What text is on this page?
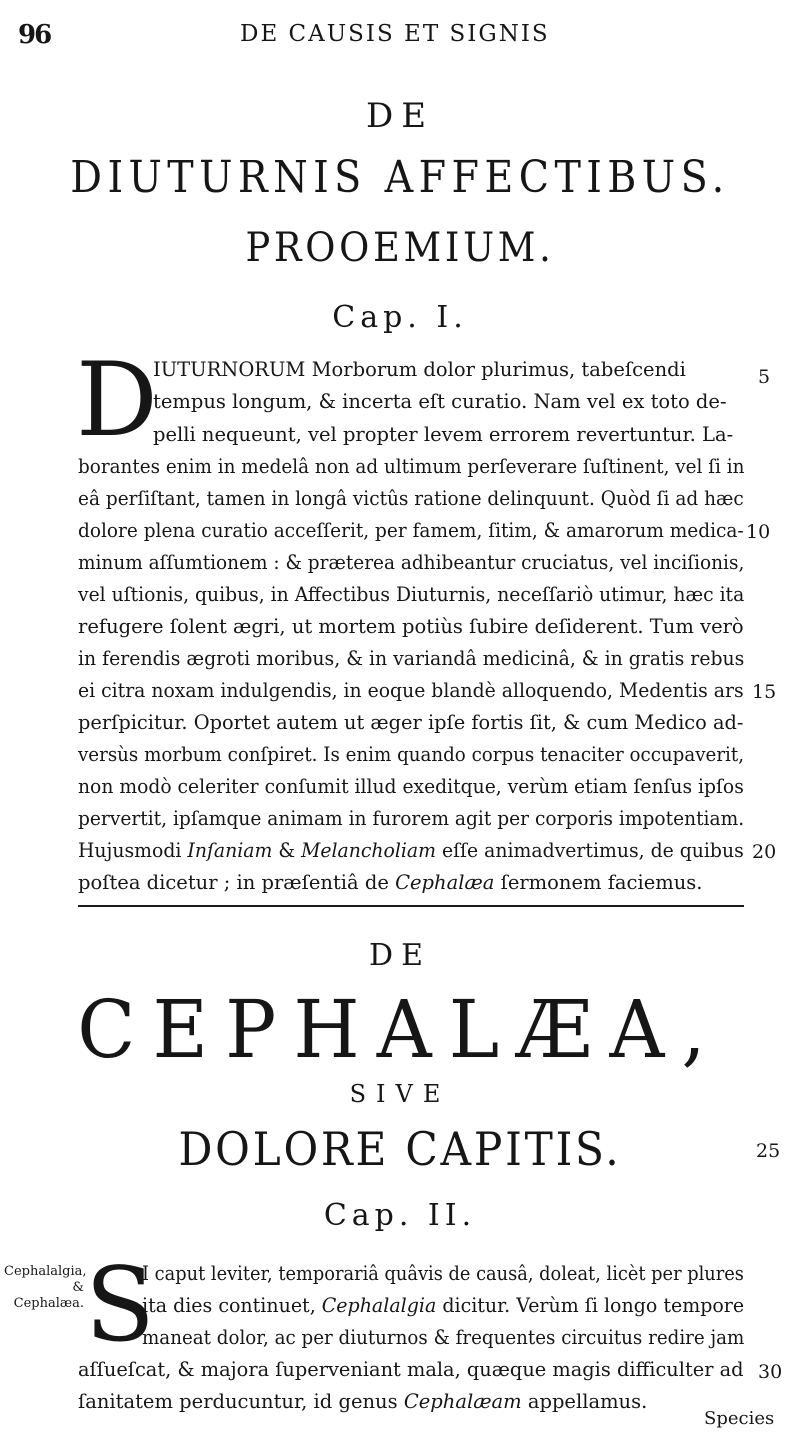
96	DE CAUSIS ET SIGNIS
DE
DIUTURNIS AFFECTIBUS.
PROOEMIUM.
Cap. I.
D
IUTURNORUM Morborum dolor plurimus, tabeſcendi
tempus longum, & incerta eſt curatio. Nam vel ex toto de-
pelli nequeunt, vel propter levem errorem revertuntur. La-
borantes enim in medelâ non ad ultimum perſeverare ſuſtinent, vel ſi in
eâ perſiſtant, tamen in longâ victûs ratione delinquunt. Quòd ſi ad hæc
dolore plena curatio acceſſerit, per famem, ſitim, & amarorum medica-
minum aſſumtionem : & præterea adhibeantur cruciatus, vel inciſionis,
vel uſtionis, quibus, in Affectibus Diuturnis, neceſſariò utimur, hæc ita
refugere ſolent ægri, ut mortem potiùs ſubire deſiderent. Tum verò
in ferendis ægroti moribus, & in variandâ medicinâ, & in gratis rebus
ei citra noxam indulgendis, in eoque blandè alloquendo, Medentis ars
perſpicitur. Oportet autem ut æger ipſe fortis ſit, & cum Medico ad-
versùs morbum conſpiret. Is enim quando corpus tenaciter occupaverit,
non modò celeriter conſumit illud exeditque, verùm etiam ſenſus ipſos
pervertit, ipſamque animam in furorem agit per corporis impotentiam.
Hujusmodi Inſaniam & Melancholiam eſſe animadvertimus, de quibus
poſtea dicetur ; in præſentiâ de Cephalæa ſermonem faciemus.
5
10
15
20
DE
CEPHALÆA,
SIVE
DOLORE CAPITIS.	25
Cap. II.
Cephalalgia, & Cephalæa. S
I caput leviter, temporariâ quâvis de causâ, doleat, licèt per plures
ita dies continuet, Cephalalgia dicitur. Verùm ſi longo tempore
maneat dolor, ac per diuturnos & frequentes circuitus redire jam
aſſueſcat, & majora ſuperveniant mala, quæque magis difficulter ad
ſanitatem perducuntur, id genus Cephalæam appellamus.
30
Species
